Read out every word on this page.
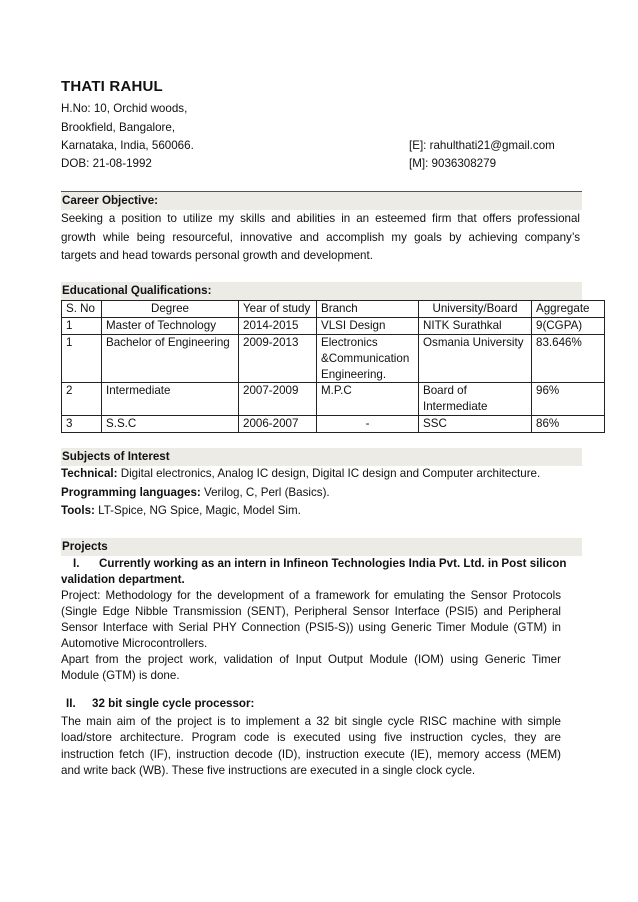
THATI RAHUL
H.No: 10, Orchid woods,
Brookfield, Bangalore,
Karnataka, India, 560066.
DOB: 21-08-1992
[E]: rahulthati21@gmail.com
[M]: 9036308279
Career Objective:
Seeking a position to utilize my skills and abilities in an esteemed firm that offers professional
growth while being resourceful, innovative and accomplish my goals by achieving company’s
targets and head towards personal growth and development.
Educational Qualifications:
S. No	Degree	Year of study	Branch	University/Board	Aggregate
1	Master of Technology	2014-2015	VLSI Design	NITK Surathkal	9(CGPA)
1	Bachelor of Engineering	2009-2013	Electronics &Communication Engineering.	Osmania University	83.646%
2	Intermediate	2007-2009	M.P.C	Board of Intermediate	96%
3	S.S.C	2006-2007	-	SSC	86%
Subjects of Interest
Technical: Digital electronics, Analog IC design, Digital IC design and Computer architecture.
Programming languages: Verilog, C, Perl (Basics).
Tools: LT-Spice, NG Spice, Magic, Model Sim.
Projects
I. Currently working as an intern in Infineon Technologies India Pvt. Ltd. in Post silicon
validation department.
Project: Methodology for the development of a framework for emulating the Sensor Protocols
(Single Edge Nibble Transmission (SENT), Peripheral Sensor Interface (PSI5) and Peripheral
Sensor Interface with Serial PHY Connection (PSI5-S)) using Generic Timer Module (GTM) in
Automotive Microcontrollers.
Apart from the project work, validation of Input Output Module (IOM) using Generic Timer
Module (GTM) is done.
II. 32 bit single cycle processor:
The main aim of the project is to implement a 32 bit single cycle RISC machine with simple
load/store architecture. Program code is executed using five instruction cycles, they are
instruction fetch (IF), instruction decode (ID), instruction execute (IE), memory access (MEM)
and write back (WB). These five instructions are executed in a single clock cycle.
